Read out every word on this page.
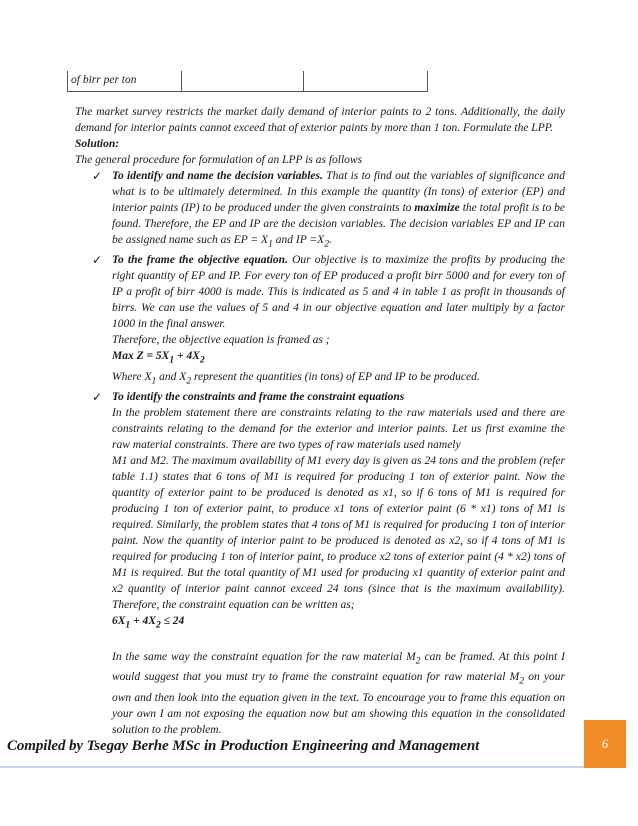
of birr per ton

The market survey restricts the market daily demand of interior paints to 2 tons. Additionally, the daily demand for interior paints cannot exceed that of exterior paints by more than 1 ton. Formulate the LPP.

Solution:

The general procedure for formulation of an LPP is as follows

✓ To identify and name the decision variables. That is to find out the variables of significance and what is to be ultimately determined. In this example the quantity (In tons) of exterior (EP) and interior paints (IP) to be produced under the given constraints to maximize the total profit is to be found. Therefore, the EP and IP are the decision variables. The decision variables EP and IP can be assigned name such as EP = $X_1$ and IP $=X_2$.
✓ To the frame the objective equation. Our objective is to maximize the profits by producing the right quantity of EP and IP. For every ton of EP produced a profit birr 5000 and for every ton of IP a profit of birr 4000 is made. This is indicated as 5 and 4 in table 1 as profit in thousands of birrs. We can use the values of 5 and 4 in our objective equation and later multiply by a factor 1000 in the final answer.

Therefore, the objective equation is framed as ;

Max $Z = 5X_1 + 4X_2$

Where $X_1$ and $X_2$ represent the quantities (in tons) of EP and IP to be produced.

✓ To identify the constraints and frame the constraint equations

In the problem statement there are constraints relating to the raw materials used and there are constraints relating to the demand for the exterior and interior paints. Let us first examine the raw material constraints. There are two types of raw materials used namely

M1 and M2. The maximum availability of M1 every day is given as 24 tons and the problem (refer table 1.1) states that 6 tons of M1 is required for producing 1 ton of exterior paint. Now the quantity of exterior paint to be produced is denoted as x1, so if 6 tons of M1 is required for producing 1 ton of exterior paint, to produce x1 tons of exterior paint (6 * x1) tons of M1 is required. Similarly, the problem states that 4 tons of M1 is required for producing 1 ton of interior paint. Now the quantity of interior paint to be produced is denoted as x2, so if 4 tons of M1 is required for producing 1 ton of interior paint, to produce x2 tons of exterior paint (4 * x2) tons of M1 is required. But the total quantity of M1 used for producing x1 quantity of exterior paint and x2 quantity of interior paint cannot exceed 24 tons (since that is the maximum availability). Therefore, the constraint equation can be written as;

$6X_1 + 4X_2 \le 24$

In the same way the constraint equation for the raw material $M_2$ can be framed. At this point I would suggest that you must try to frame the constraint equation for raw material $M_2$ on your own and then look into the equation given in the text. To encourage you to frame this equation on your own I am not exposing the equation now but am showing this equation in the consolidated solution to the problem.

Compiled by Tsegay Berhe MSc in Production Engineering and Management	6
